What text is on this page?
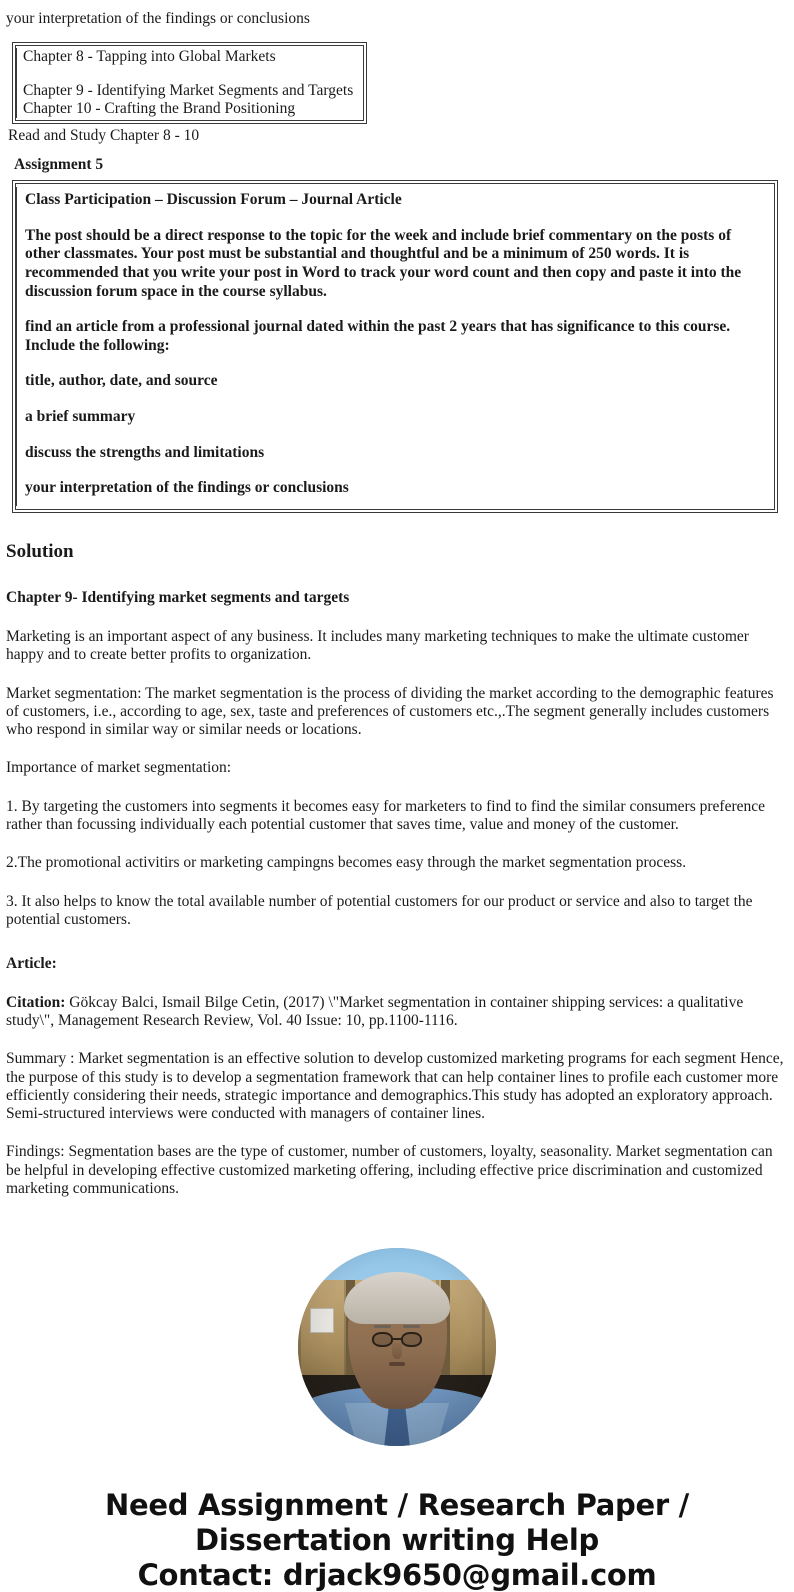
your interpretation of the findings or conclusions
Chapter 8 - Tapping into Global Markets
Chapter 9 - Identifying Market Segments and Targets
Chapter 10 - Crafting the Brand Positioning
Read and Study Chapter 8 - 10
Assignment 5
Class Participation – Discussion Forum – Journal Article
The post should be a direct response to the topic for the week and include brief commentary on the posts of other classmates. Your post must be substantial and thoughtful and be a minimum of 250 words. It is recommended that you write your post in Word to track your word count and then copy and paste it into the discussion forum space in the course syllabus.
find an article from a professional journal dated within the past 2 years that has significance to this course. Include the following:
title, author, date, and source
a brief summary
discuss the strengths and limitations
your interpretation of the findings or conclusions
Solution
Chapter 9- Identifying market segments and targets
Marketing is an important aspect of any business. It includes many marketing techniques to make the ultimate customer happy and to create better profits to organization.
Market segmentation: The market segmentation is the process of dividing the market according to the demographic features of customers, i.e., according to age, sex, taste and preferences of customers etc.,.The segment generally includes customers who respond in similar way or similar needs or locations.
Importance of market segmentation:
1. By targeting the customers into segments it becomes easy for marketers to find to find the similar consumers preference rather than focussing individually each potential customer that saves time, value and money of the customer.
2.The promotional activitirs or marketing campingns becomes easy through the market segmentation process.
3. It also helps to know the total available number of potential customers for our product or service and also to target the potential customers.
Article:
Citation: Gökcay Balci, Ismail Bilge Cetin, (2017) \"Market segmentation in container shipping services: a qualitative study\", Management Research Review, Vol. 40 Issue: 10, pp.1100-1116.
Summary : Market segmentation is an effective solution to develop customized marketing programs for each segment Hence, the purpose of this study is to develop a segmentation framework that can help container lines to profile each customer more efficiently considering their needs, strategic importance and demographics.This study has adopted an exploratory approach. Semi-structured interviews were conducted with managers of container lines.
Findings: Segmentation bases are the type of customer, number of customers, loyalty, seasonality. Market segmentation can be helpful in developing effective customized marketing offering, including effective price discrimination and customized marketing communications.
Need Assignment / Research Paper / Dissertation writing Help
Contact: drjack9650@gmail.com
